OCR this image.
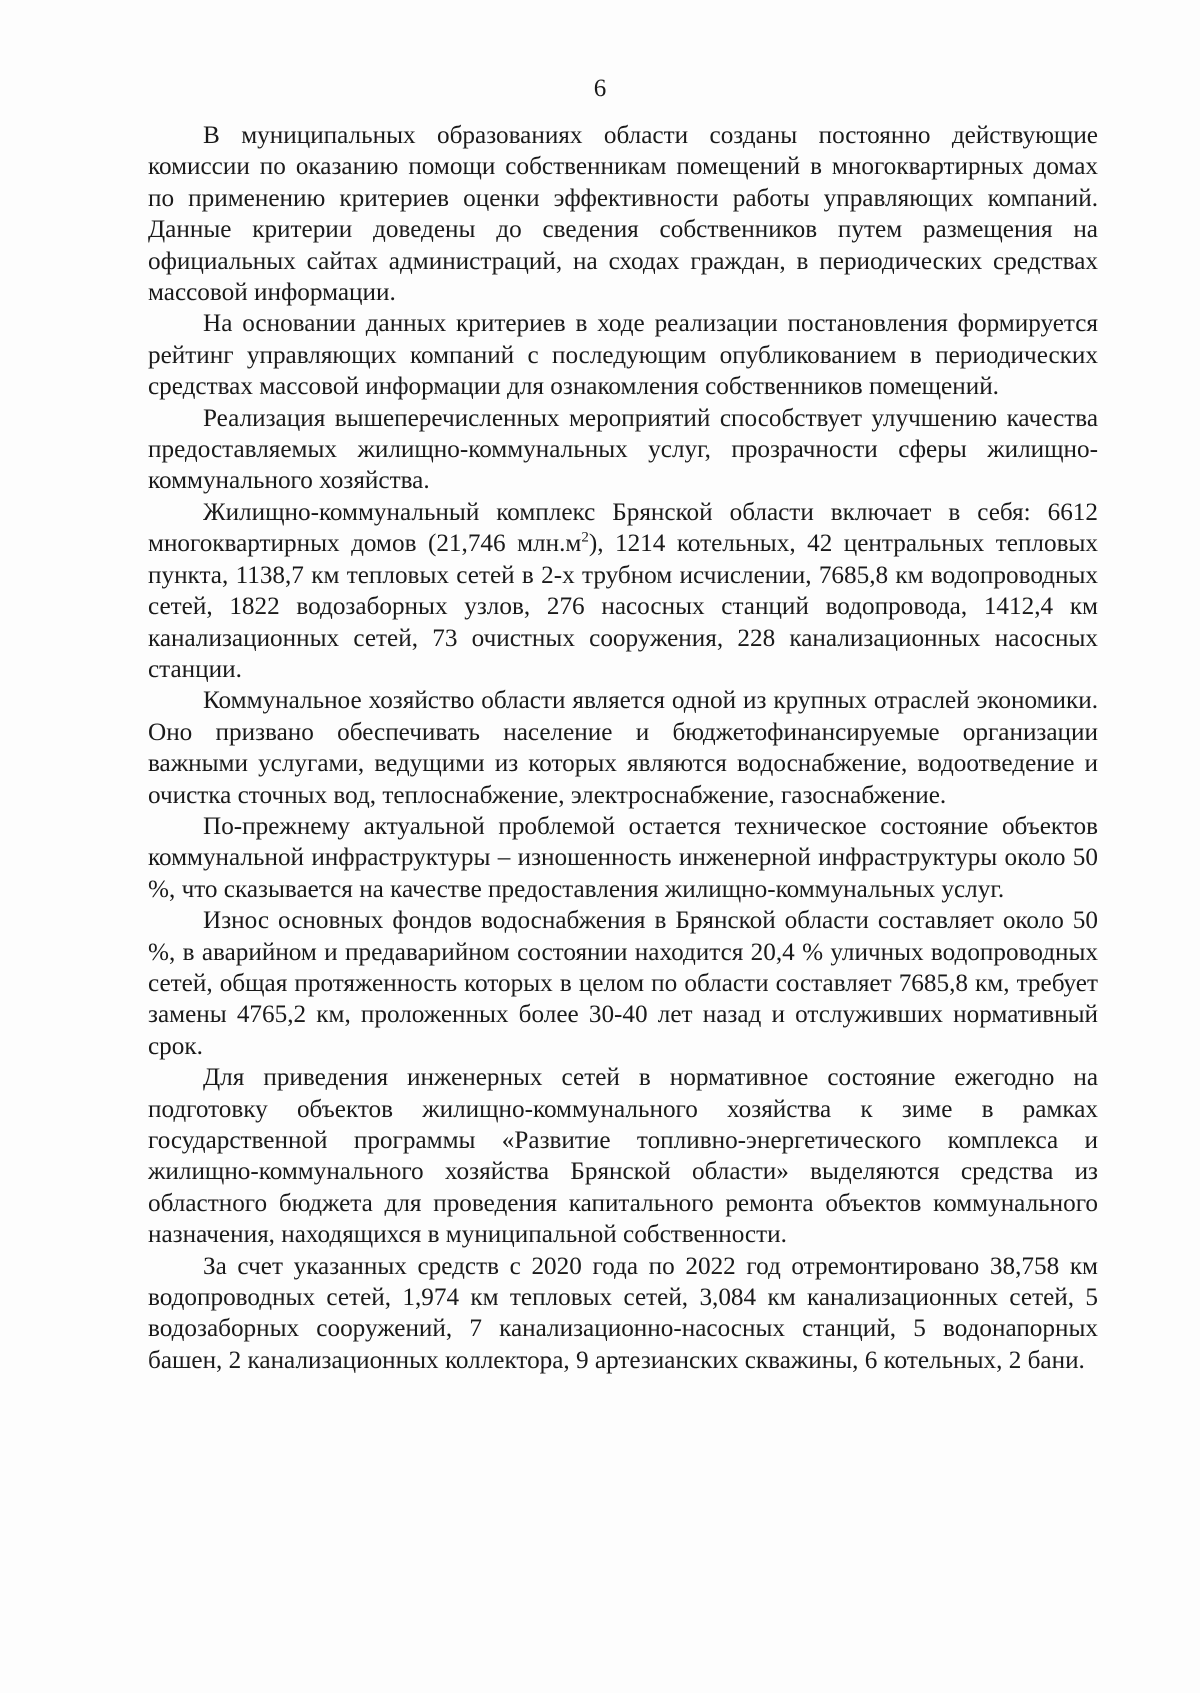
6

В муниципальных образованиях области созданы постоянно действующие комиссии по оказанию помощи собственникам помещений в многоквартирных домах по применению критериев оценки эффективности работы управляющих компаний. Данные критерии доведены до сведения собственников путем размещения на официальных сайтах администраций, на сходах граждан, в периодических средствах массовой информации.

На основании данных критериев в ходе реализации постановления формируется рейтинг управляющих компаний с последующим опубликованием в периодических средствах массовой информации для ознакомления собственников помещений.

Реализация вышеперечисленных мероприятий способствует улучшению качества предоставляемых жилищно-коммунальных услуг, прозрачности сферы жилищно-коммунального хозяйства.

Жилищно-коммунальный комплекс Брянской области включает в себя: 6612 многоквартирных домов (21,746 $млн.м^2$), 1214 котельных, 42 центральных тепловых пункта, 1138,7 км тепловых сетей в 2-х трубном исчислении, 7685,8 км водопроводных сетей, 1822 водозаборных узлов, 276 насосных станций водопровода, 1412,4 км канализационных сетей, 73 очистных сооружения, 228 канализационных насосных станции.

Коммунальное хозяйство области является одной из крупных отраслей экономики. Оно призвано обеспечивать население и бюджетофинансируемые организации важными услугами, ведущими из которых являются водоснабжение, водоотведение и очистка сточных вод, теплоснабжение, электроснабжение, газоснабжение.

По-прежнему актуальной проблемой остается техническое состояние объектов коммунальной инфраструктуры – изношенность инженерной инфраструктуры около 50 %, что сказывается на качестве предоставления жилищно-коммунальных услуг.

Износ основных фондов водоснабжения в Брянской области составляет около 50 %, в аварийном и предаварийном состоянии находится 20,4 % уличных водопроводных сетей, общая протяженность которых в целом по области составляет 7685,8 км, требует замены 4765,2 км, проложенных более 30-40 лет назад и отслуживших нормативный срок.

Для приведения инженерных сетей в нормативное состояние ежегодно на подготовку объектов жилищно-коммунального хозяйства к зиме в рамках государственной программы «Развитие топливно-энергетического комплекса и жилищно-коммунального хозяйства Брянской области» выделяются средства из областного бюджета для проведения капитального ремонта объектов коммунального назначения, находящихся в муниципальной собственности.

За счет указанных средств с 2020 года по 2022 год отремонтировано 38,758 км водопроводных сетей, 1,974 км тепловых сетей, 3,084 км канализационных сетей, 5 водозаборных сооружений, 7 канализационно-насосных станций, 5 водонапорных башен, 2 канализационных коллектора, 9 артезианских скважины, 6 котельных, 2 бани.
